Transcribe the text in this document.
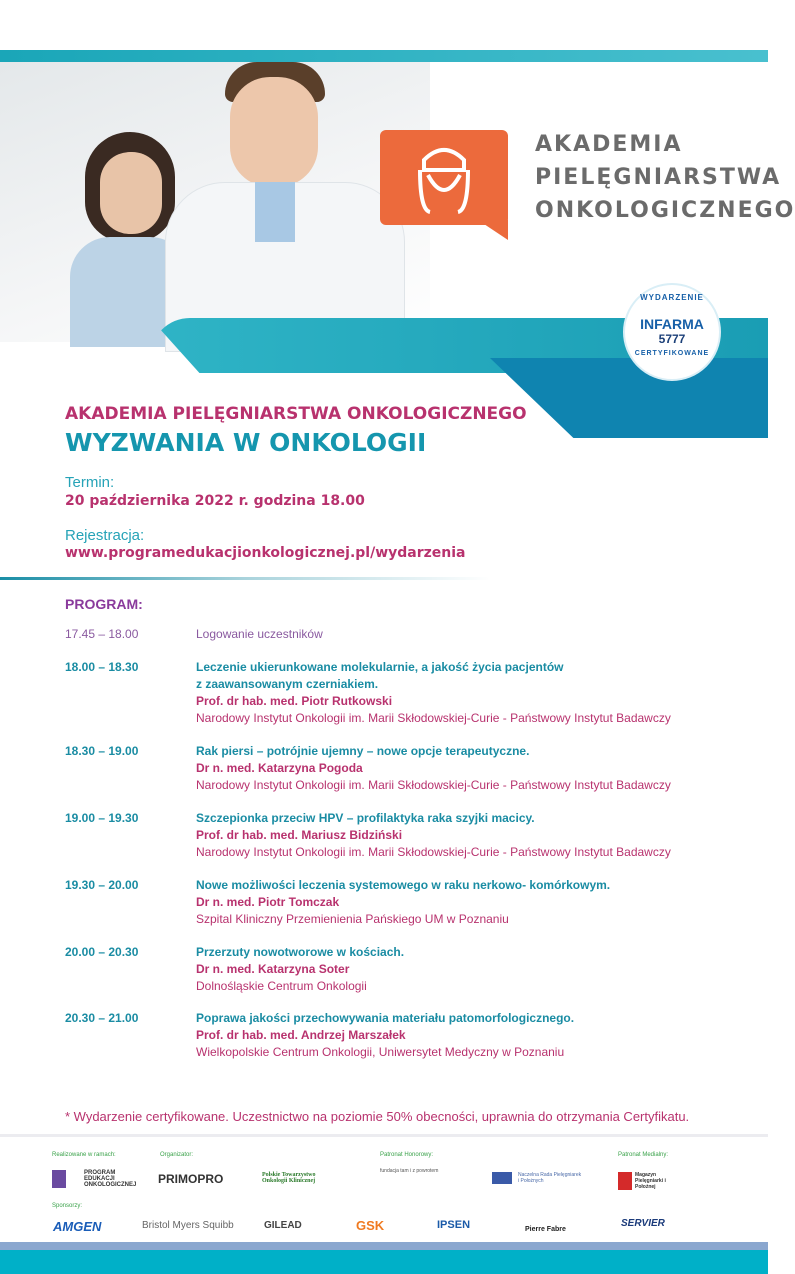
AKADEMIA
PIELĘGNIARSTWA
ONKOLOGICZNEGO
WYDARZENIE
INFARMA
5777
CERTYFIKOWANE
AKADEMIA PIELĘGNIARSTWA ONKOLOGICZNEGO
WYZWANIA W ONKOLOGII
Termin:
20 października 2022 r. godzina 18.00
Rejestracja:
www.programedukacjionkologicznej.pl/wydarzenia
PROGRAM:
17.45 – 18.00	Logowanie uczestników
18.00 – 18.30	Leczenie ukierunkowane molekularnie, a jakość życia pacjentów
z zaawansowanym czerniakiem.
Prof. dr hab. med. Piotr Rutkowski
Narodowy Instytut Onkologii im. Marii Skłodowskiej-Curie - Państwowy Instytut Badawczy
18.30 – 19.00	Rak piersi – potrójnie ujemny – nowe opcje terapeutyczne.
Dr n. med. Katarzyna Pogoda
Narodowy Instytut Onkologii im. Marii Skłodowskiej-Curie - Państwowy Instytut Badawczy
19.00 – 19.30	Szczepionka przeciw HPV – profilaktyka raka szyjki macicy.
Prof. dr hab. med. Mariusz Bidziński
Narodowy Instytut Onkologii im. Marii Skłodowskiej-Curie - Państwowy Instytut Badawczy
19.30 – 20.00	Nowe możliwości leczenia systemowego w raku nerkowo- komórkowym.
Dr n. med. Piotr Tomczak
Szpital Kliniczny Przemienienia Pańskiego UM w Poznaniu
20.00 – 20.30	Przerzuty nowotworowe w kościach.
Dr n. med. Katarzyna Soter
Dolnośląskie Centrum Onkologii
20.30 – 21.00	Poprawa jakości przechowywania materiału patomorfologicznego.
Prof. dr hab. med. Andrzej Marszałek
Wielkopolskie Centrum Onkologii, Uniwersytet Medyczny w Poznaniu
* Wydarzenie certyfikowane. Uczestnictwo na poziomie 50% obecności, uprawnia do otrzymania Certyfikatu.
Realizowane w ramach:	Organizator:	Patronat Honorowy:	Patronat Medialny:
Sponsorzy:
PROGRAM EDUKACJI ONKOLOGICZNEJ PRIMOPRO	Polskie Towarzystwo Onkologii Klinicznej
fundacja tam i z powrotem
Naczelna Rada Pielęgniarek i Położnych
Magazyn Pielęgniarki i Położnej
AMGEN	Bristol Myers Squibb	GILEAD	GSK	IPSEN	Pierre Fabre
SERVIER
